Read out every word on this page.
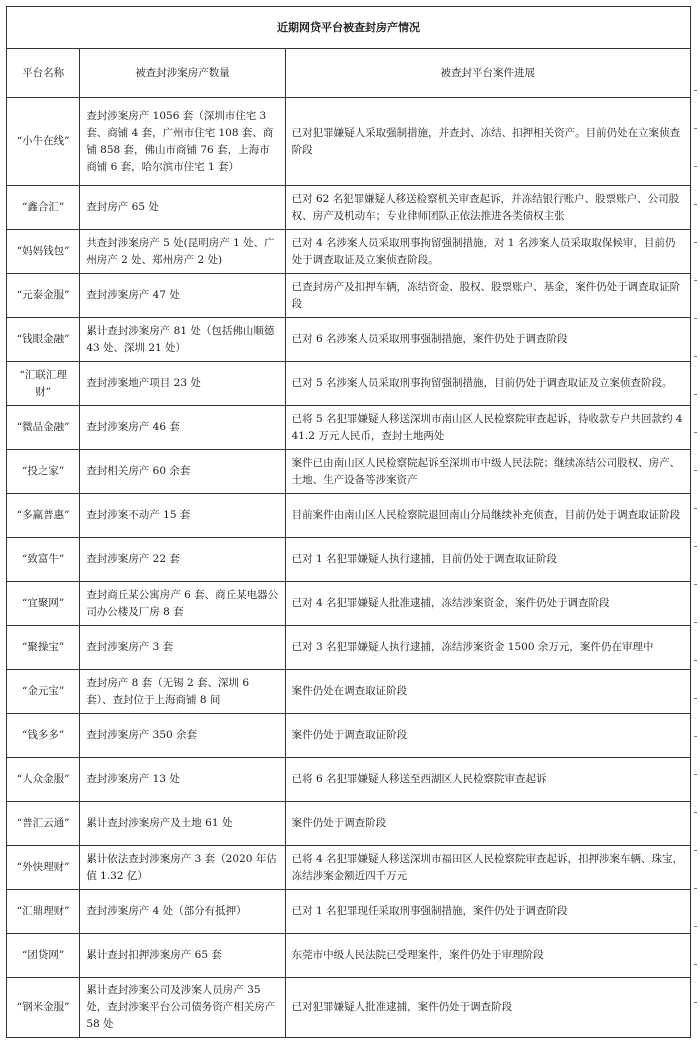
近期网贷平台被查封房产情况		
平台名称	被查封涉案房产数量	被查封平台案件进展
“小牛在线”	查封涉案房产 1056 套（深圳市住宅 3 套、商铺 4 套，广州市住宅 108 套、商铺 858 套，佛山市商铺 76 套，上海市商铺 6 套，哈尔滨市住宅 1 套）	已对犯罪嫌疑人采取强制措施，并查封、冻结、扣押相关资产。目前仍处在立案侦查阶段
“鑫合汇”	查封房产 65 处	已对 62 名犯罪嫌疑人移送检察机关审查起诉，并冻结银行账户、股票账户、公司股权、房产及机动车；专业律师团队正依法推进各类债权主张
“妈妈钱包”	共查封涉案房产 5 处(昆明房产 1 处、广州房产 2 处、郑州房产 2 处)	已对 4 名涉案人员采取刑事拘留强制措施，对 1 名涉案人员采取取保候审，目前仍处于调查取证及立案侦查阶段。
“元泰金服”	查封涉案房产 47 处	已查封房产及扣押车辆，冻结资金、股权、股票账户、基金，案件仍处于调查取证阶段
“钱眼金融”	累计查封涉案房产 81 处（包括佛山顺德 43 处、深圳 21 处）	已对 6 名涉案人员采取刑事强制措施，案件仍处于调查阶段
“汇联汇理财”	查封涉案地产项目 23 处	已对 5 名涉案人员采取刑事拘留强制措施，目前仍处于调查取证及立案侦查阶段。
“微品金融”	查封涉案房产 46 套	已将 5 名犯罪嫌疑人移送深圳市南山区人民检察院审查起诉，待收款专户共回款约 441.2 万元人民币，查封土地两处
“投之家”	查封相关房产 60 余套	案件已由南山区人民检察院起诉至深圳市中级人民法院；继续冻结公司股权、房产、土地、生产设备等涉案资产
“多赢普惠”	查封涉案不动产 15 套	目前案件由南山区人民检察院退回南山分局继续补充侦查，目前仍处于调查取证阶段
“致富牛”	查封涉案房产 22 套	已对 1 名犯罪嫌疑人执行逮捕，目前仍处于调查取证阶段
“宜聚网”	查封商丘某公寓房产 6 套、商丘某电器公司办公楼及厂房 8 套	已对 4 名犯罪嫌疑人批准逮捕，冻结涉案资金，案件仍处于调查阶段
“聚操宝”	查封涉案房产 3 套	已对 3 名犯罪嫌疑人执行逮捕，冻结涉案资金 1500 余万元，案件仍在审理中
“金元宝”	查封房产 8 套（无锡 2 套、深圳 6 套）、查封位于上海商铺 8 间	案件仍处在调查取证阶段
“钱多多”	查封涉案房产 350 余套	案件仍处于调查取证阶段
“人众金服”	查封涉案房产 13 处	已将 6 名犯罪嫌疑人移送至西湖区人民检察院审查起诉
“普汇云通”	累计查封涉案房产及土地 61 处	案件仍处于调查阶段
“外快理财”	累计依法查封涉案房产 3 套（2020 年估值 1.32 亿）	已将 4 名犯罪嫌疑人移送深圳市福田区人民检察院审查起诉，扣押涉案车辆、珠宝，冻结涉案金额近四千万元
“汇鼎理财”	查封涉案房产 4 处（部分有抵押）	已对 1 名犯罪现任采取刑事强制措施，案件仍处于调查阶段
“团贷网”	累计查封扣押涉案房产 65 套	东莞市中级人民法院已受理案件，案件仍处于审理阶段
“钢米金服”	累计查封涉案公司及涉案人员房产 35 处，查封涉案平台公司债务资产相关房产 58 处	已对犯罪嫌疑人批准逮捕，案件仍处于调查阶段
